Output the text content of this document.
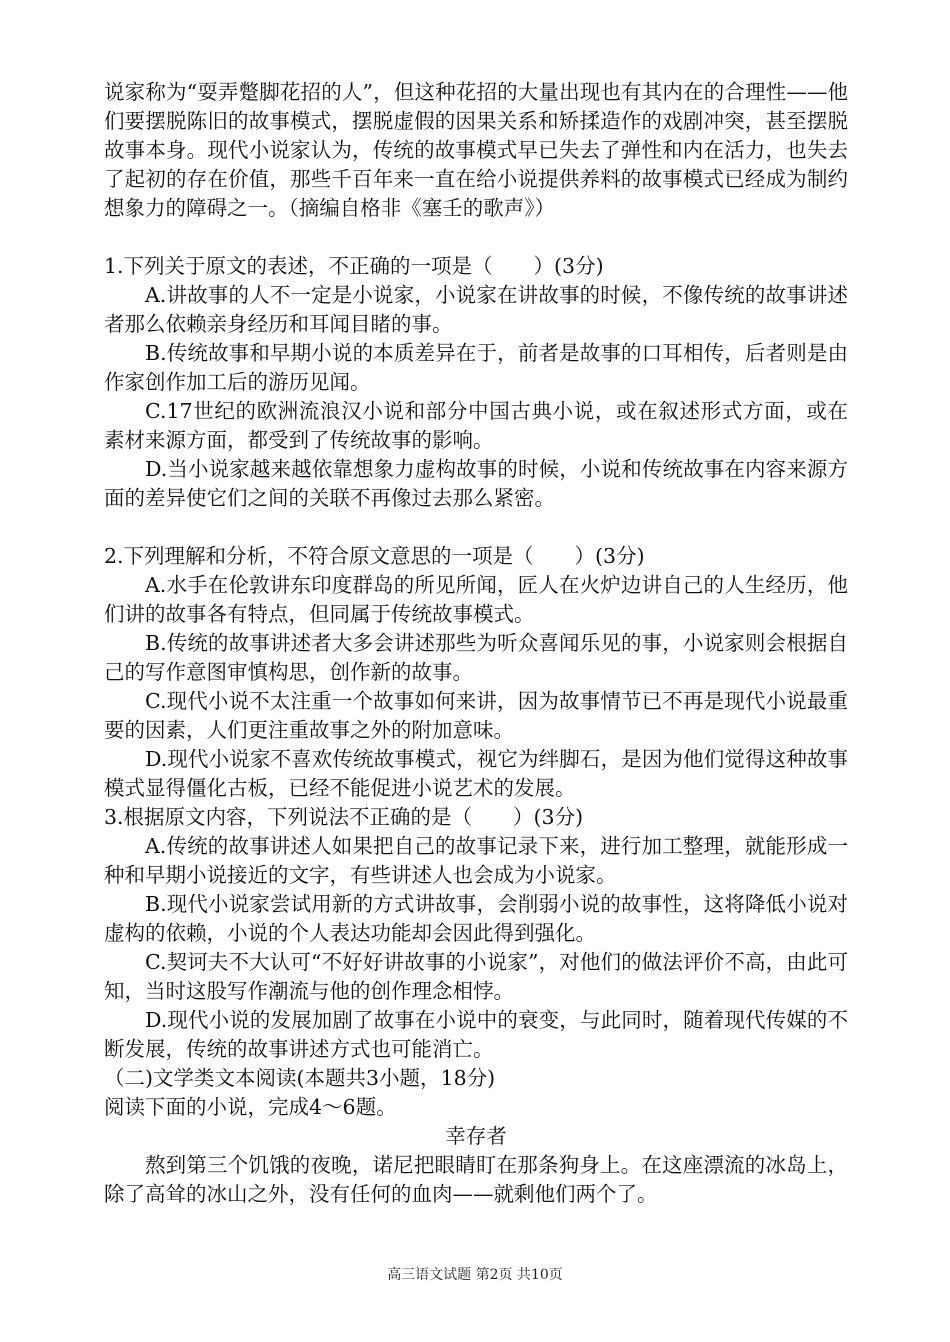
说家称为“耍弄蹩脚花招的人”，但这种花招的大量出现也有其内在的合理性——他们要摆脱陈旧的故事模式，摆脱虚假的因果关系和矫揉造作的戏剧冲突，甚至摆脱故事本身。现代小说家认为，传统的故事模式早已失去了弹性和内在活力，也失去了起初的存在价值，那些千百年来一直在给小说提供养料的故事模式已经成为制约想象力的障碍之一。（摘编自格非《塞壬的歌声》）

1.下列关于原文的表述，不正确的一项是（　　）(3分)

A.讲故事的人不一定是小说家，小说家在讲故事的时候，不像传统的故事讲述者那么依赖亲身经历和耳闻目睹的事。

B.传统故事和早期小说的本质差异在于，前者是故事的口耳相传，后者则是由作家创作加工后的游历见闻。

C.17世纪的欧洲流浪汉小说和部分中国古典小说，或在叙述形式方面，或在素材来源方面，都受到了传统故事的影响。

D.当小说家越来越依靠想象力虚构故事的时候，小说和传统故事在内容来源方面的差异使它们之间的关联不再像过去那么紧密。

2.下列理解和分析，不符合原文意思的一项是（　　）(3分)

A.水手在伦敦讲东印度群岛的所见所闻，匠人在火炉边讲自己的人生经历，他们讲的故事各有特点，但同属于传统故事模式。

B.传统的故事讲述者大多会讲述那些为听众喜闻乐见的事，小说家则会根据自己的写作意图审慎构思，创作新的故事。

C.现代小说不太注重一个故事如何来讲，因为故事情节已不再是现代小说最重要的因素，人们更注重故事之外的附加意味。

D.现代小说家不喜欢传统故事模式，视它为绊脚石，是因为他们觉得这种故事模式显得僵化古板，已经不能促进小说艺术的发展。

3.根据原文内容，下列说法不正确的是（　　）(3分)

A.传统的故事讲述人如果把自己的故事记录下来，进行加工整理，就能形成一种和早期小说接近的文字，有些讲述人也会成为小说家。

B.现代小说家尝试用新的方式讲故事，会削弱小说的故事性，这将降低小说对虚构的依赖，小说的个人表达功能却会因此得到强化。

C.契诃夫不大认可“不好好讲故事的小说家”，对他们的做法评价不高，由此可知，当时这股写作潮流与他的创作理念相悖。

D.现代小说的发展加剧了故事在小说中的衰变，与此同时，随着现代传媒的不断发展，传统的故事讲述方式也可能消亡。

（二)文学类文本阅读(本题共3小题，18分)

阅读下面的小说，完成4～6题。

幸存者

熬到第三个饥饿的夜晚，诺尼把眼睛盯在那条狗身上。在这座漂流的冰岛上，除了高耸的冰山之外，没有任何的血肉——就剩他们两个了。

高三语文试题 第2页 共10页
